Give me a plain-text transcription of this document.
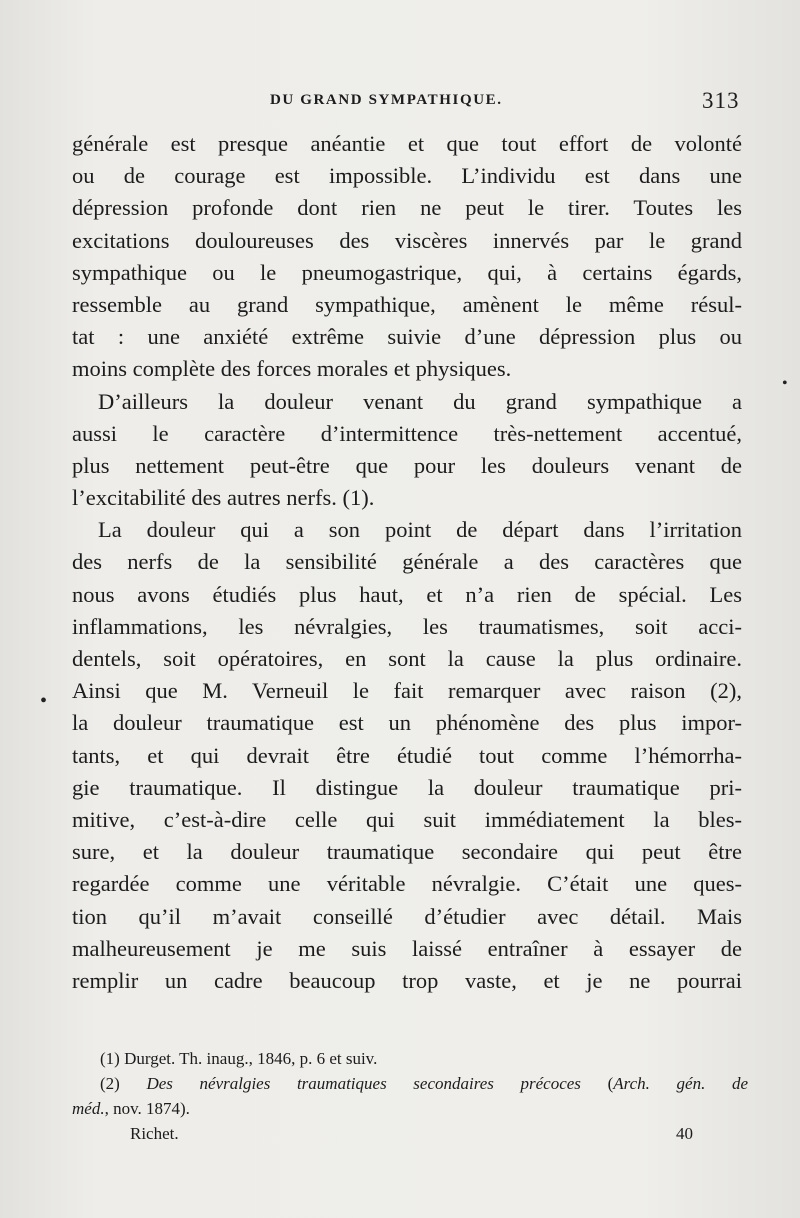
DU GRAND SYMPATHIQUE.	313
générale est presque anéantie et que tout effort de volonté
ou de courage est impossible. L’individu est dans une
dépression profonde dont rien ne peut le tirer. Toutes les
excitations douloureuses des viscères innervés par le grand
sympathique ou le pneumogastrique, qui, à certains égards,
ressemble au grand sympathique, amènent le même résul-
tat : une anxiété extrême suivie d’une dépression plus ou
moins complète des forces morales et physiques.
D’ailleurs la douleur venant du grand sympathique a
aussi le caractère d’intermittence très-nettement accentué,
plus nettement peut-être que pour les douleurs venant de
l’excitabilité des autres nerfs. (1).
La douleur qui a son point de départ dans l’irritation
des nerfs de la sensibilité générale a des caractères que
nous avons étudiés plus haut, et n’a rien de spécial. Les
inflammations, les névralgies, les traumatismes, soit acci-
dentels, soit opératoires, en sont la cause la plus ordinaire.
Ainsi que M. Verneuil le fait remarquer avec raison (2),
la douleur traumatique est un phénomène des plus impor-
tants, et qui devrait être étudié tout comme l’hémorrha-
gie traumatique. Il distingue la douleur traumatique pri-
mitive, c’est-à-dire celle qui suit immédiatement la bles-
sure, et la douleur traumatique secondaire qui peut être
regardée comme une véritable névralgie. C’était une ques-
tion qu’il m’avait conseillé d’étudier avec détail. Mais
malheureusement je me suis laissé entraîner à essayer de
remplir un cadre beaucoup trop vaste, et je ne pourrai
•
•
(1) Durget. Th. inaug., 1846, p. 6 et suiv.
(2) Des névralgies traumatiques secondaires précoces (Arch. gén. de
méd., nov. 1874).
Richet.	40
